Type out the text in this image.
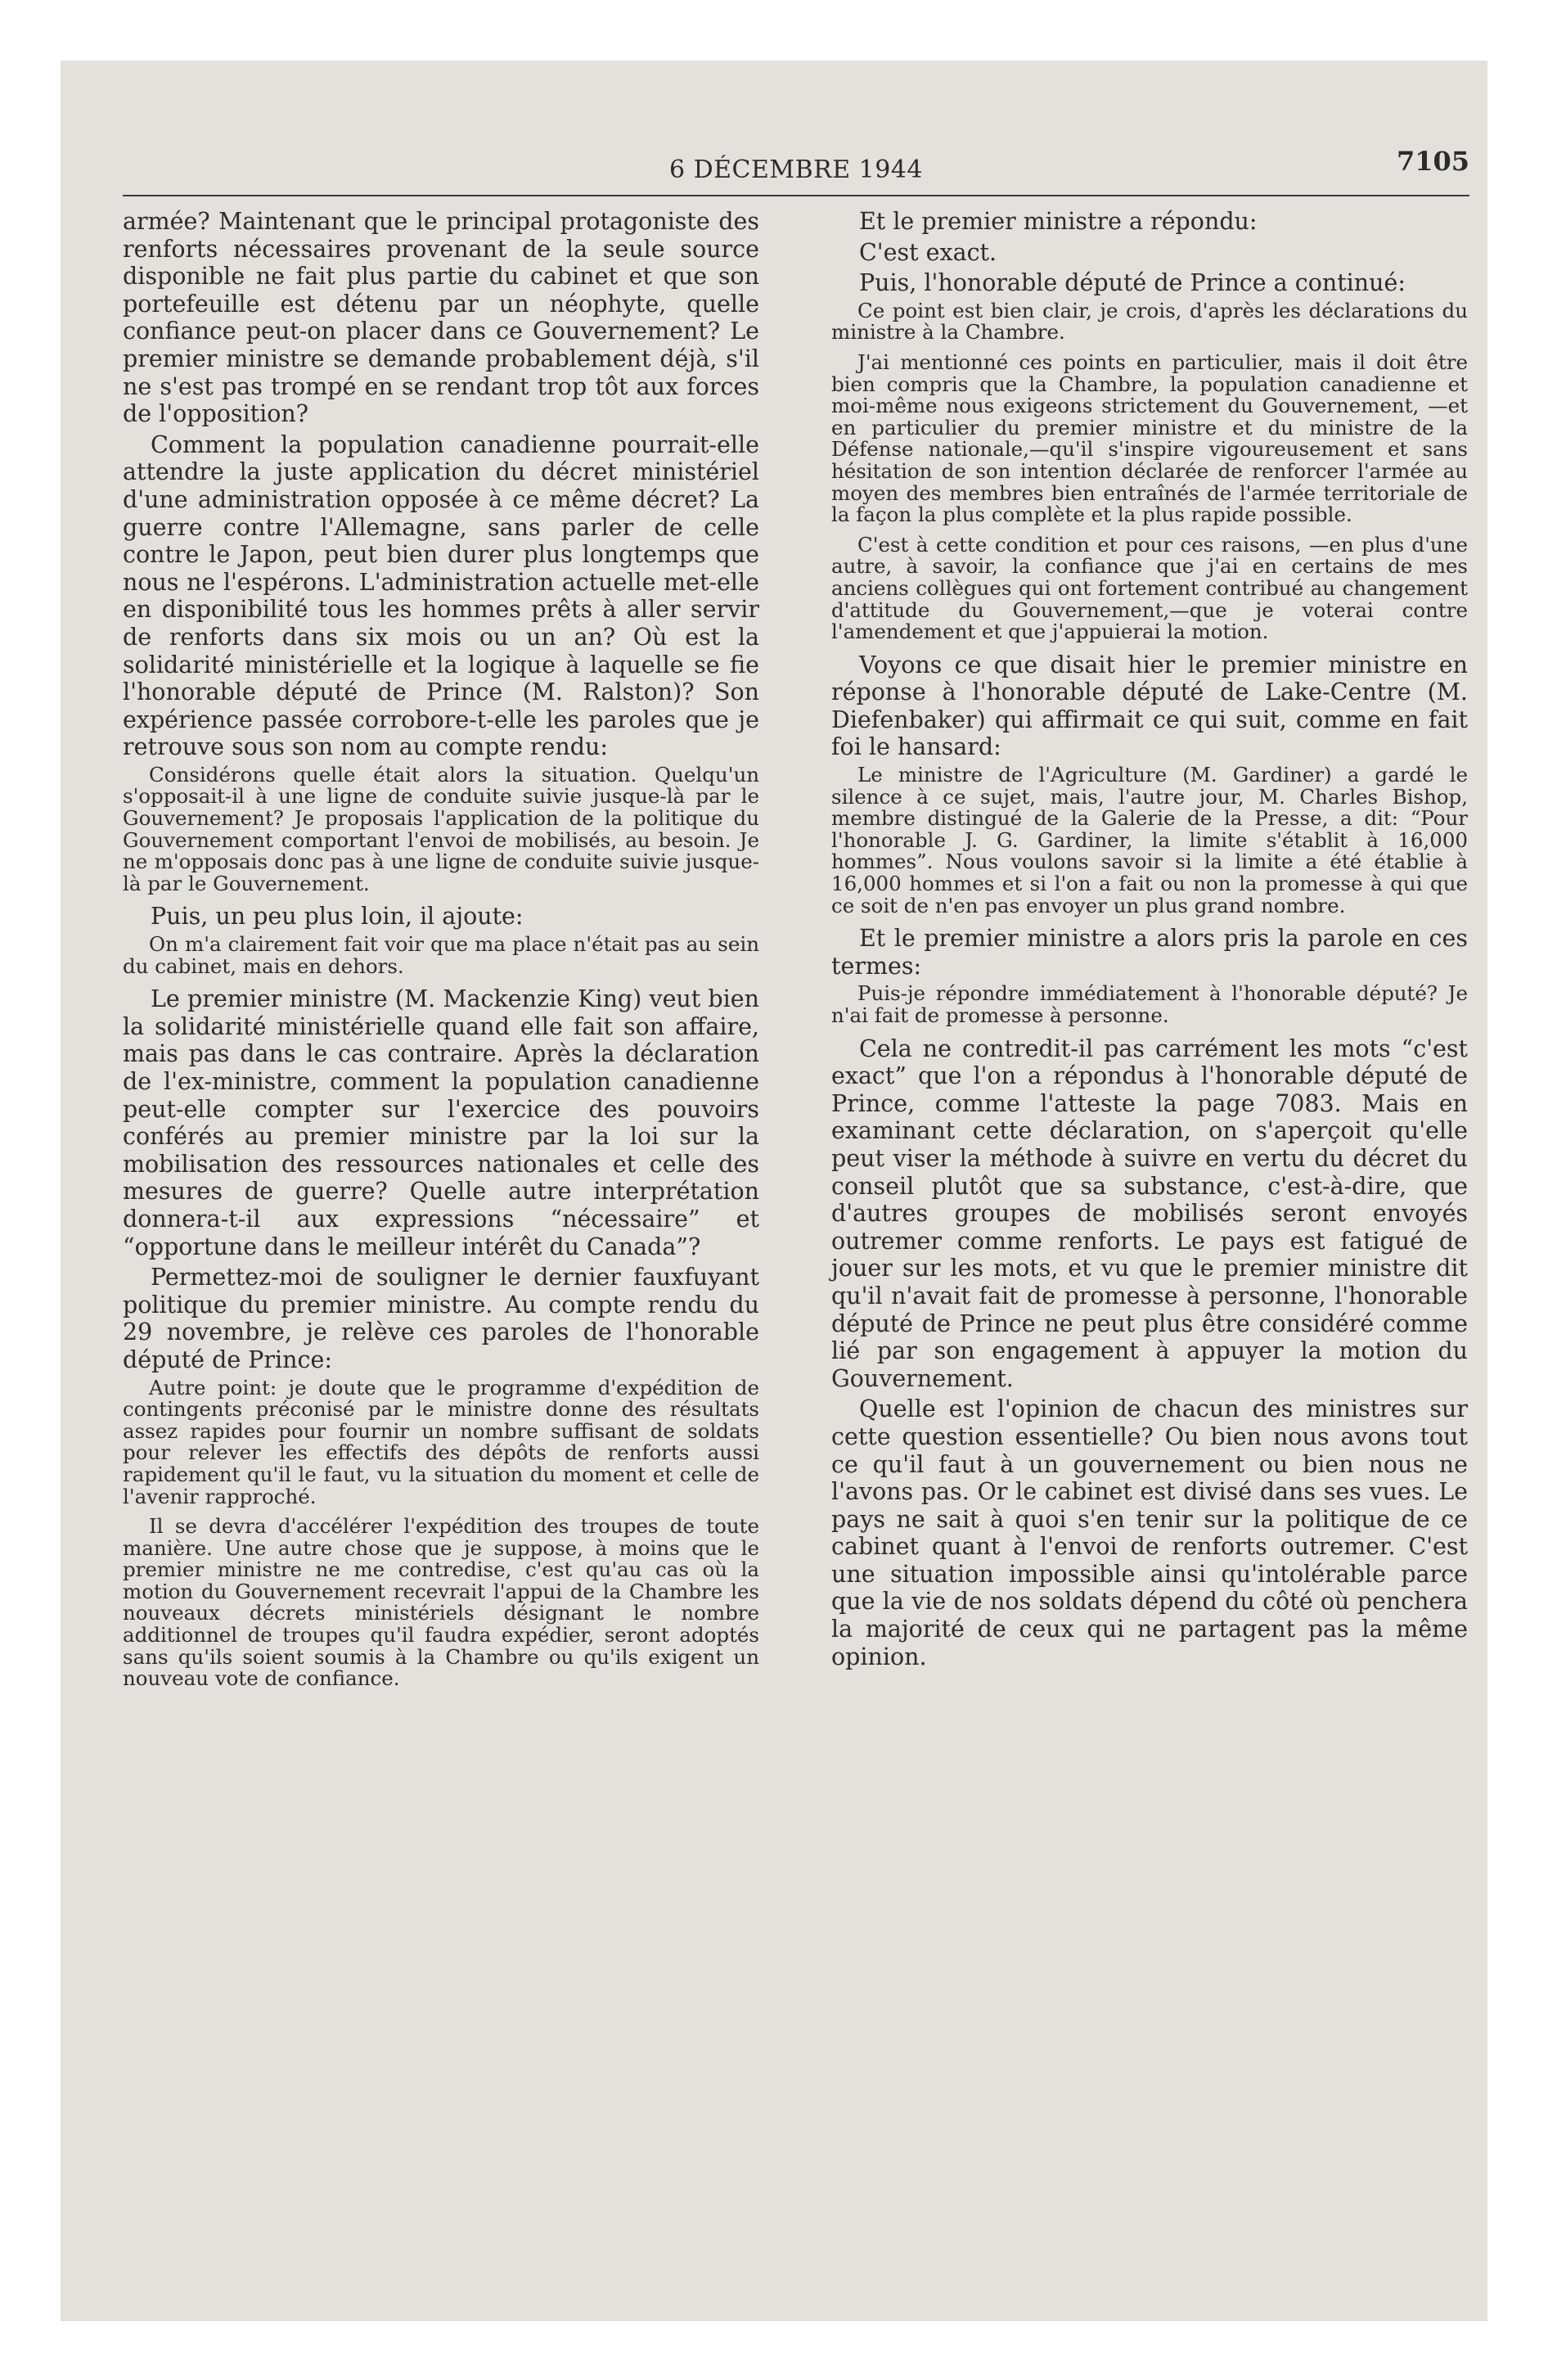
6 DÉCEMBRE 1944	7105

armée? Maintenant que le principal protagoniste des renforts nécessaires provenant de la seule source disponible ne fait plus partie du cabinet et que son portefeuille est détenu par un néophyte, quelle confiance peut-on placer dans ce Gouvernement? Le premier ministre se demande probablement déjà, s'il ne s'est pas trompé en se rendant trop tôt aux forces de l'opposition?

Comment la population canadienne pourrait-elle attendre la juste application du décret ministériel d'une administration opposée à ce même décret? La guerre contre l'Allemagne, sans parler de celle contre le Japon, peut bien durer plus longtemps que nous ne l'espérons. L'administration actuelle met-elle en disponibilité tous les hommes prêts à aller servir de renforts dans six mois ou un an? Où est la solidarité ministérielle et la logique à laquelle se fie l'honorable député de Prince (M. Ralston)? Son expérience passée corrobore-t-elle les paroles que je retrouve sous son nom au compte rendu:

Considérons quelle était alors la situation. Quelqu'un s'opposait-il à une ligne de conduite suivie jusque-là par le Gouvernement? Je proposais l'application de la politique du Gouvernement comportant l'envoi de mobilisés, au besoin. Je ne m'opposais donc pas à une ligne de conduite suivie jusque-là par le Gouvernement.

Puis, un peu plus loin, il ajoute:

On m'a clairement fait voir que ma place n'était pas au sein du cabinet, mais en dehors.

Le premier ministre (M. Mackenzie King) veut bien la solidarité ministérielle quand elle fait son affaire, mais pas dans le cas contraire. Après la déclaration de l'ex-ministre, comment la population canadienne peut-elle compter sur l'exercice des pouvoirs conférés au premier ministre par la loi sur la mobilisation des ressources nationales et celle des mesures de guerre? Quelle autre interprétation donnera-t-il aux expressions “nécessaire” et “opportune dans le meilleur intérêt du Canada”?

Permettez-moi de souligner le dernier fauxfuyant politique du premier ministre. Au compte rendu du 29 novembre, je relève ces paroles de l'honorable député de Prince:

Autre point: je doute que le programme d'expédition de contingents préconisé par le ministre donne des résultats assez rapides pour fournir un nombre suffisant de soldats pour relever les effectifs des dépôts de renforts aussi rapidement qu'il le faut, vu la situation du moment et celle de l'avenir rapproché.

Il se devra d'accélérer l'expédition des troupes de toute manière. Une autre chose que je suppose, à moins que le premier ministre ne me contredise, c'est qu'au cas où la motion du Gouvernement recevrait l'appui de la Chambre les nouveaux décrets ministériels désignant le nombre additionnel de troupes qu'il faudra expédier, seront adoptés sans qu'ils soient soumis à la Chambre ou qu'ils exigent un nouveau vote de confiance.

Et le premier ministre a répondu:

C'est exact.

Puis, l'honorable député de Prince a continué:

Ce point est bien clair, je crois, d'après les déclarations du ministre à la Chambre.

J'ai mentionné ces points en particulier, mais il doit être bien compris que la Chambre, la population canadienne et moi-même nous exigeons strictement du Gouvernement, —et en particulier du premier ministre et du ministre de la Défense nationale,—qu'il s'inspire vigoureusement et sans hésitation de son intention déclarée de renforcer l'armée au moyen des membres bien entraînés de l'armée territoriale de la façon la plus complète et la plus rapide possible.

C'est à cette condition et pour ces raisons, —en plus d'une autre, à savoir, la confiance que j'ai en certains de mes anciens collègues qui ont fortement contribué au changement d'attitude du Gouvernement,—que je voterai contre l'amendement et que j'appuierai la motion.

Voyons ce que disait hier le premier ministre en réponse à l'honorable député de Lake-Centre (M. Diefenbaker) qui affirmait ce qui suit, comme en fait foi le hansard:

Le ministre de l'Agriculture (M. Gardiner) a gardé le silence à ce sujet, mais, l'autre jour, M. Charles Bishop, membre distingué de la Galerie de la Presse, a dit: “Pour l'honorable J. G. Gardiner, la limite s'établit à 16,000 hommes”. Nous voulons savoir si la limite a été établie à 16,000 hommes et si l'on a fait ou non la promesse à qui que ce soit de n'en pas envoyer un plus grand nombre.

Et le premier ministre a alors pris la parole en ces termes:

Puis-je répondre immédiatement à l'honorable député? Je n'ai fait de promesse à personne.

Cela ne contredit-il pas carrément les mots “c'est exact” que l'on a répondus à l'honorable député de Prince, comme l'atteste la page 7083. Mais en examinant cette déclaration, on s'aperçoit qu'elle peut viser la méthode à suivre en vertu du décret du conseil plutôt que sa substance, c'est-à-dire, que d'autres groupes de mobilisés seront envoyés outremer comme renforts. Le pays est fatigué de jouer sur les mots, et vu que le premier ministre dit qu'il n'avait fait de promesse à personne, l'honorable député de Prince ne peut plus être considéré comme lié par son engagement à appuyer la motion du Gouvernement.

Quelle est l'opinion de chacun des ministres sur cette question essentielle? Ou bien nous avons tout ce qu'il faut à un gouvernement ou bien nous ne l'avons pas. Or le cabinet est divisé dans ses vues. Le pays ne sait à quoi s'en tenir sur la politique de ce cabinet quant à l'envoi de renforts outremer. C'est une situation impossible ainsi qu'intolérable parce que la vie de nos soldats dépend du côté où penchera la majorité de ceux qui ne partagent pas la même opinion.
